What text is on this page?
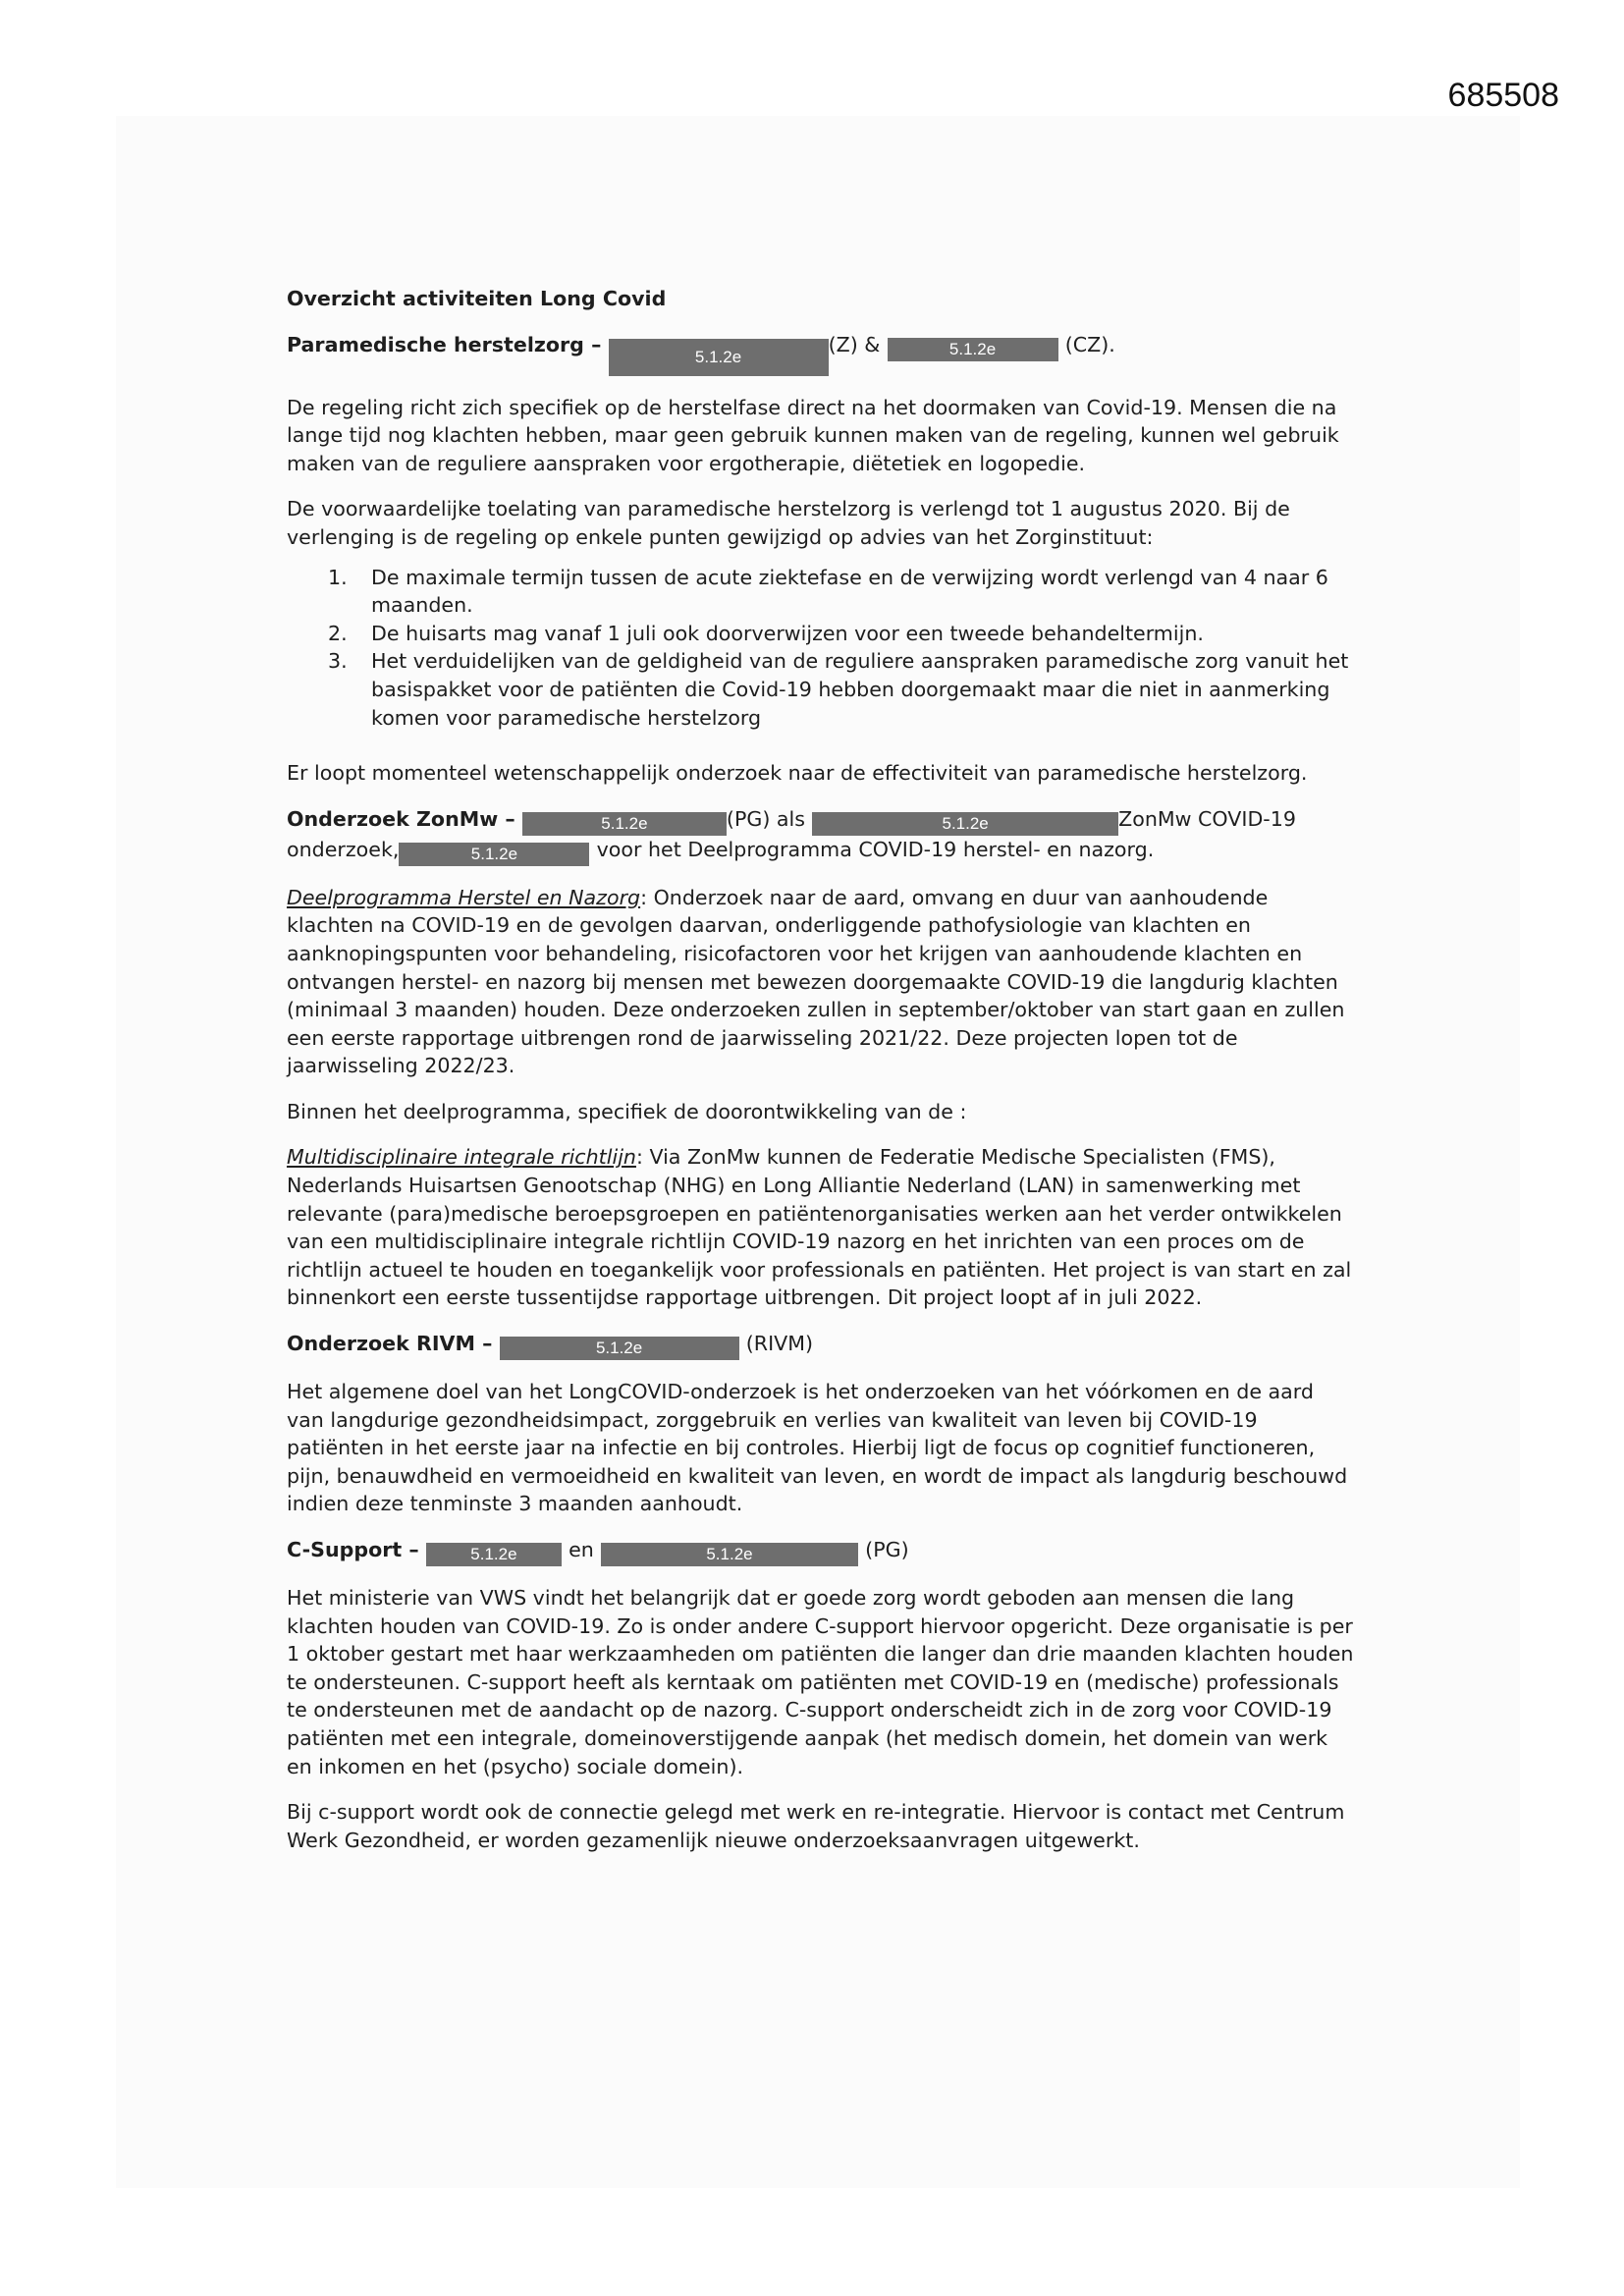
685508

Overzicht activiteiten Long Covid

Paramedische herstelzorg – 5.1.2e(Z) &	5.1.2e	(CZ).

De regeling richt zich specifiek op de herstelfase direct na het doormaken van Covid-19. Mensen die na lange tijd nog klachten hebben, maar geen gebruik kunnen maken van de regeling, kunnen wel gebruik maken van de reguliere aanspraken voor ergotherapie, diëtetiek en logopedie.

De voorwaardelijke toelating van paramedische herstelzorg is verlengd tot 1 augustus 2020. Bij de verlenging is de regeling op enkele punten gewijzigd op advies van het Zorginstituut:

1. De maximale termijn tussen de acute ziektefase en de verwijzing wordt verlengd van 4 naar 6 maanden.
2. De huisarts mag vanaf 1 juli ook doorverwijzen voor een tweede behandeltermijn.
3. Het verduidelijken van de geldigheid van de reguliere aanspraken paramedische zorg vanuit het basispakket voor de patiënten die Covid-19 hebben doorgemaakt maar die niet in aanmerking komen voor paramedische herstelzorg

Er loopt momenteel wetenschappelijk onderzoek naar de effectiviteit van paramedische herstelzorg.

Onderzoek ZonMw –	5.1.2e	(PG) als	5.1.2e	ZonMw COVID-19
onderzoek,	5.1.2e	voor het Deelprogramma COVID-19 herstel- en nazorg.

Deelprogramma Herstel en Nazorg: Onderzoek naar de aard, omvang en duur van aanhoudende klachten na COVID-19 en de gevolgen daarvan, onderliggende pathofysiologie van klachten en aanknopingspunten voor behandeling, risicofactoren voor het krijgen van aanhoudende klachten en ontvangen herstel- en nazorg bij mensen met bewezen doorgemaakte COVID-19 die langdurig klachten (minimaal 3 maanden) houden. Deze onderzoeken zullen in september/oktober van start gaan en zullen een eerste rapportage uitbrengen rond de jaarwisseling 2021/22. Deze projecten lopen tot de jaarwisseling 2022/23.

Binnen het deelprogramma, specifiek de doorontwikkeling van de :

Multidisciplinaire integrale richtlijn: Via ZonMw kunnen de Federatie Medische Specialisten (FMS), Nederlands Huisartsen Genootschap (NHG) en Long Alliantie Nederland (LAN) in samenwerking met relevante (para)medische beroepsgroepen en patiëntenorganisaties werken aan het verder ontwikkelen van een multidisciplinaire integrale richtlijn COVID-19 nazorg en het inrichten van een proces om de richtlijn actueel te houden en toegankelijk voor professionals en patiënten. Het project is van start en zal binnenkort een eerste tussentijdse rapportage uitbrengen. Dit project loopt af in juli 2022.

Onderzoek RIVM –	5.1.2e	(RIVM)

Het algemene doel van het LongCOVID-onderzoek is het onderzoeken van het vóórkomen en de aard van langdurige gezondheidsimpact, zorggebruik en verlies van kwaliteit van leven bij COVID-19 patiënten in het eerste jaar na infectie en bij controles. Hierbij ligt de focus op cognitief functioneren, pijn, benauwdheid en vermoeidheid en kwaliteit van leven, en wordt de impact als langdurig beschouwd indien deze tenminste 3 maanden aanhoudt.

C-Support –	5.1.2e	en	5.1.2e	(PG)

Het ministerie van VWS vindt het belangrijk dat er goede zorg wordt geboden aan mensen die lang klachten houden van COVID-19. Zo is onder andere C-support hiervoor opgericht. Deze organisatie is per 1 oktober gestart met haar werkzaamheden om patiënten die langer dan drie maanden klachten houden te ondersteunen. C-support heeft als kerntaak om patiënten met COVID-19 en (medische) professionals te ondersteunen met de aandacht op de nazorg. C-support onderscheidt zich in de zorg voor COVID-19 patiënten met een integrale, domeinoverstijgende aanpak (het medisch domein, het domein van werk en inkomen en het (psycho) sociale domein).

Bij c-support wordt ook de connectie gelegd met werk en re-integratie. Hiervoor is contact met Centrum Werk Gezondheid, er worden gezamenlijk nieuwe onderzoeksaanvragen uitgewerkt.
